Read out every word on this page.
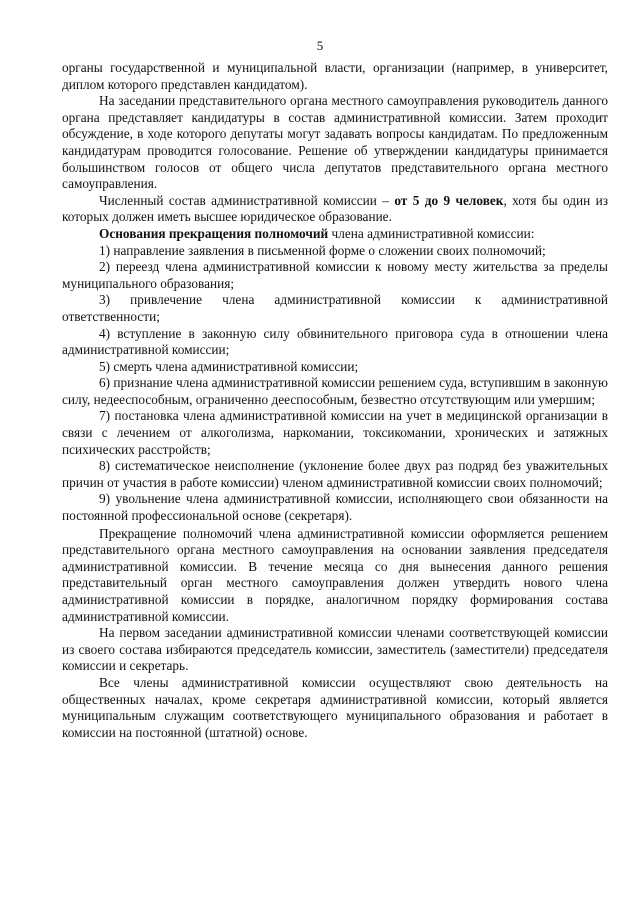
5

органы государственной и муниципальной власти, организации (например, в университет, диплом которого представлен кандидатом).

На заседании представительного органа местного самоуправления руководитель данного органа представляет кандидатуры в состав административной комиссии. Затем проходит обсуждение, в ходе которого депутаты могут задавать вопросы кандидатам. По предложенным кандидатурам проводится голосование. Решение об утверждении кандидатуры принимается большинством голосов от общего числа депутатов представительного органа местного самоуправления.

Численный состав административной комиссии – от 5 до 9 человек, хотя бы один из которых должен иметь высшее юридическое образование.

Основания прекращения полномочий члена административной комиссии:

1) направление заявления в письменной форме о сложении своих полномочий;

2) переезд члена административной комиссии к новому месту жительства за пределы муниципального образования;

3) привлечение члена административной комиссии к административной ответственности;

4) вступление в законную силу обвинительного приговора суда в отношении члена административной комиссии;

5) смерть члена административной комиссии;

6) признание члена административной комиссии решением суда, вступившим в законную силу, недееспособным, ограниченно дееспособным, безвестно отсутствующим или умершим;

7) постановка члена административной комиссии на учет в медицинской организации в связи с лечением от алкоголизма, наркомании, токсикомании, хронических и затяжных психических расстройств;

8) систематическое неисполнение (уклонение более двух раз подряд без уважительных причин от участия в работе комиссии) членом административной комиссии своих полномочий;

9) увольнение члена административной комиссии, исполняющего свои обязанности на постоянной профессиональной основе (секретаря).

Прекращение полномочий члена административной комиссии оформляется решением представительного органа местного самоуправления на основании заявления председателя административной комиссии. В течение месяца со дня вынесения данного решения представительный орган местного самоуправления должен утвердить нового члена административной комиссии в порядке, аналогичном порядку формирования состава административной комиссии.

На первом заседании административной комиссии членами соответствующей комиссии из своего состава избираются председатель комиссии, заместитель (заместители) председателя комиссии и секретарь.

Все члены административной комиссии осуществляют свою деятельность на общественных началах, кроме секретаря административной комиссии, который является муниципальным служащим соответствующего муниципального образования и работает в комиссии на постоянной (штатной) основе.
